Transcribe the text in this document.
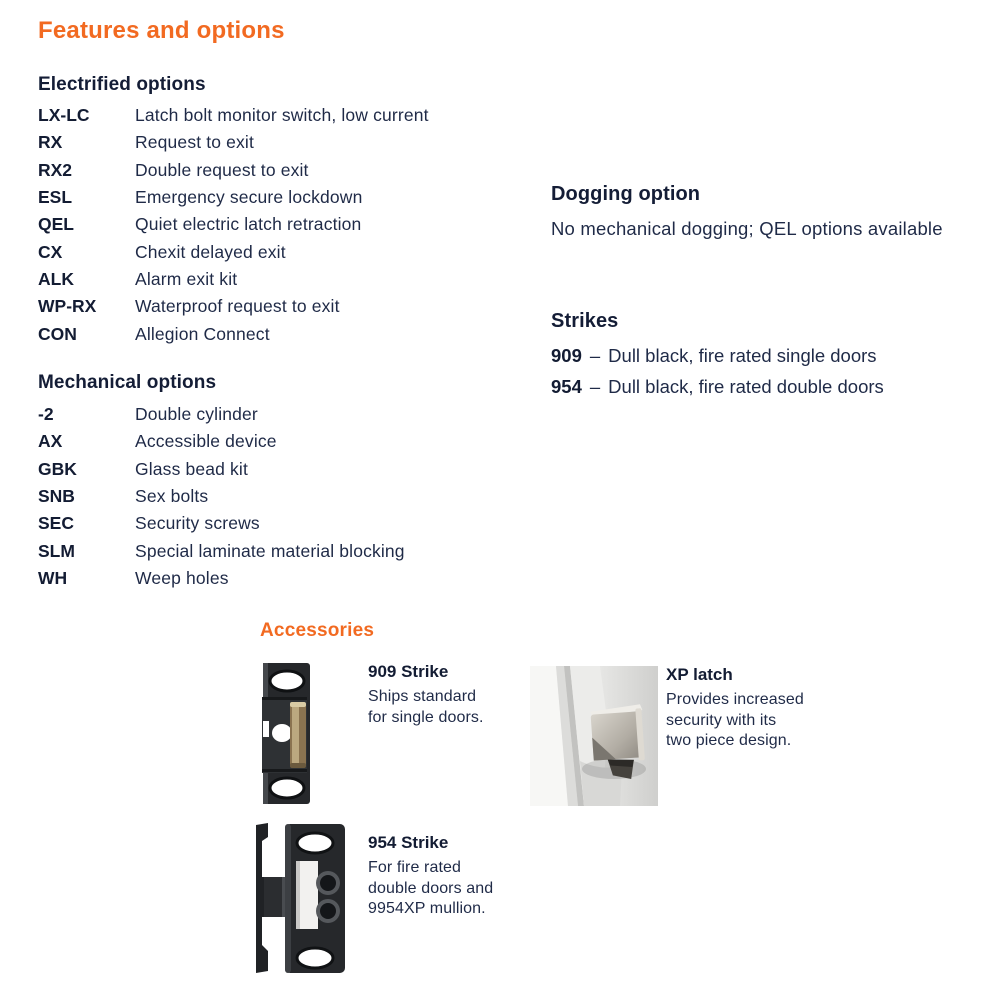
Features and options
Electrified options
LX-LC	Latch bolt monitor switch, low current
RX	Request to exit
RX2	Double request to exit
ESL	Emergency secure lockdown
QEL	Quiet electric latch retraction
CX	Chexit delayed exit
ALK	Alarm exit kit
WP-RX	Waterproof request to exit
CON	Allegion Connect
Mechanical options
-2	Double cylinder
AX	Accessible device
GBK	Glass bead kit
SNB	Sex bolts
SEC	Security screws
SLM	Special laminate material blocking
WH	Weep holes
Dogging option
No mechanical dogging; QEL options available
Strikes
909 – Dull black, fire rated single doors
954 – Dull black, fire rated double doors
Accessories
909 Strike
Ships standard
for single doors.
XP latch
Provides increased
security with its
two piece design.
954 Strike
For fire rated
double doors and
9954XP mullion.
